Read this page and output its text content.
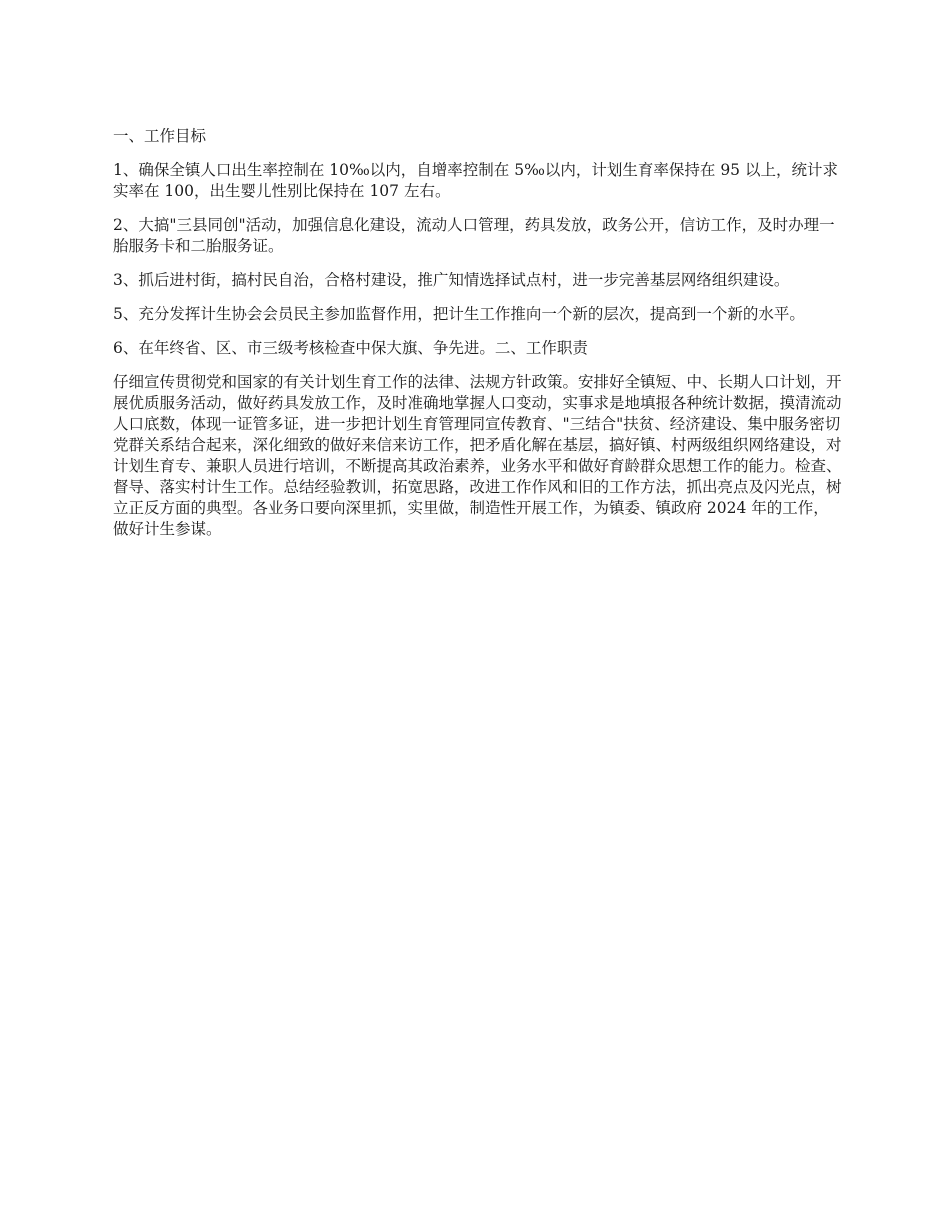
一、工作目标

1、确保全镇人口出生率控制在 10‰以内，自增率控制在 5‰以内，计划生育率保持在 95 以上，统计求实率在 100，出生婴儿性别比保持在 107 左右。

2、大搞"三县同创"活动，加强信息化建设，流动人口管理，药具发放，政务公开，信访工作，及时办理一胎服务卡和二胎服务证。

3、抓后进村街，搞村民自治，合格村建设，推广知情选择试点村，进一步完善基层网络组织建设。

5、充分发挥计生协会会员民主参加监督作用，把计生工作推向一个新的层次，提高到一个新的水平。

6、在年终省、区、市三级考核检查中保大旗、争先进。二、工作职责

仔细宣传贯彻党和国家的有关计划生育工作的法律、法规方针政策。安排好全镇短、中、长期人口计划，开展优质服务活动，做好药具发放工作，及时准确地掌握人口变动，实事求是地填报各种统计数据，摸清流动人口底数，体现一证管多证，进一步把计划生育管理同宣传教育、"三结合"扶贫、经济建设、集中服务密切党群关系结合起来，深化细致的做好来信来访工作，把矛盾化解在基层，搞好镇、村两级组织网络建设，对计划生育专、兼职人员进行培训，不断提高其政治素养，业务水平和做好育龄群众思想工作的能力。检查、督导、落实村计生工作。总结经验教训，拓宽思路，改进工作作风和旧的工作方法，抓出亮点及闪光点，树立正反方面的典型。各业务口要向深里抓，实里做，制造性开展工作，为镇委、镇政府 2024 年的工作，做好计生参谋。
